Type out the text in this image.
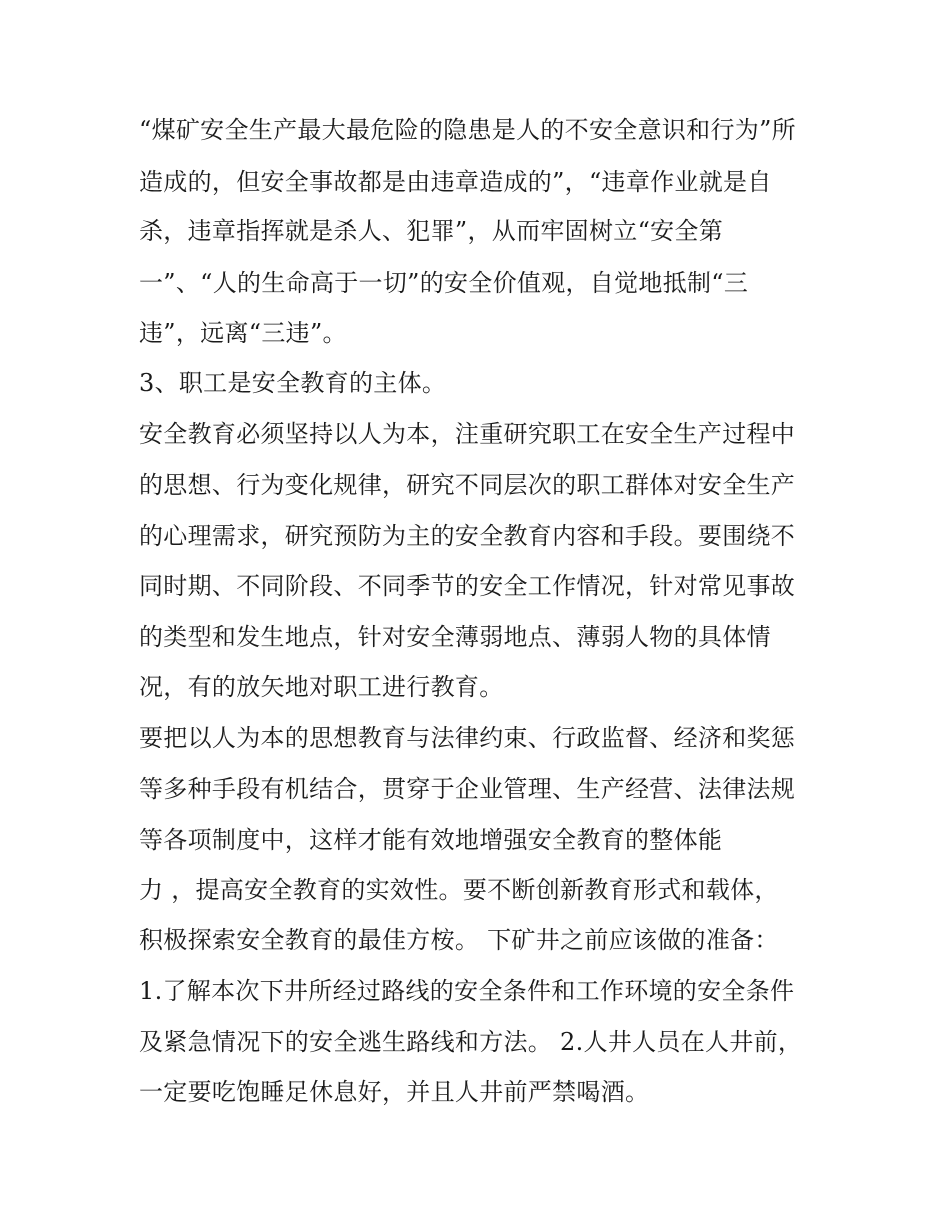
“煤矿安全生产最大最危险的隐患是人的不安全意识和行为”所
造成的，但安全事故都是由违章造成的”，“违章作业就是自
杀，违章指挥就是杀人、犯罪”，从而牢固树立“安全第
一”、“人的生命高于一切”的安全价值观，自觉地抵制“三
违”，远离“三违”。
3、职工是安全教育的主体。
安全教育必须坚持以人为本，注重研究职工在安全生产过程中
的思想、行为变化规律，研究不同层次的职工群体对安全生产
的心理需求，研究预防为主的安全教育内容和手段。要围绕不
同时期、不同阶段、不同季节的安全工作情况，针对常见事故
的类型和发生地点，针对安全薄弱地点、薄弱人物的具体情
况，有的放矢地对职工进行教育。
要把以人为本的思想教育与法律约束、行政监督、经济和奖惩
等多种手段有机结合，贯穿于企业管理、生产经营、法律法规
等各项制度中，这样才能有效地增强安全教育的整体能
力 ，提高安全教育的实效性。要不断创新教育形式和载体，
积极探索安全教育的最佳方桉。 下矿井之前应该做的准备：
1.了解本次下井所经过路线的安全条件和工作环境的安全条件
及紧急情况下的安全逃生路线和方法。 2.人井人员在人井前，
一定要吃饱睡足休息好，并且人井前严禁喝酒。
